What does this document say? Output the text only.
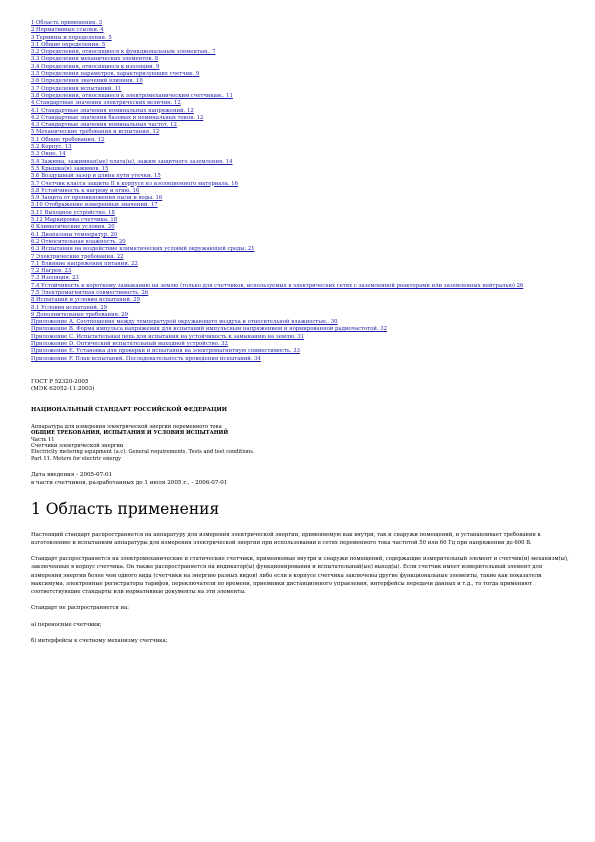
1 Область применения. 3
2 Нормативные ссылки. 4
3 Термины и определения. 5
3.1 Общие определения. 5
3.2 Определения, относящиеся к функциональным элементам.. 7
3.3 Определения механических элементов. 8
3.4 Определения, относящиеся к изоляции. 9
3.5 Определения параметров, характеризующих счетчик. 9
3.6 Определения значений влияния. 10
3.7 Определения испытаний. 11
3.8 Определения, относящиеся к электромеханическим счетчикам.. 11
4 Стандартные значения электрических величин. 12
4.1 Стандартные значения номинальных напряжений. 12
4.2 Стандартные значения базовых и номинальных токов. 12
4.3 Стандартные значения номинальных частот. 12
5 Механические требования и испытания. 12
5.1 Общие требования. 12
5.2 Корпус. 13
5.3 Окно. 14
5.4 Зажимы, зажимная(ые) плата(ы), зажим защитного заземления. 14
5.5 Крышка(и) зажимов. 15
5.6 Воздушный зазор и длина пути утечки. 15
5.7 Счетчик класса защиты II в корпусе из изоляционного материала. 16
5.8 Устойчивость к нагреву и огню. 16
5.9 Защита от проникновения пыли и воды. 16
5.10 Отображение измеренных значений. 17
5.11 Выходное устройство. 18
5.12 Маркировка счетчика. 18
6 Климатические условия. 20
6.1 Диапазоны температур. 20
6.2 Относительная влажность. 20
6.3 Испытания на воздействие климатических условий окружающей среды. 21
7 Электрические требования. 22
7.1 Влияние напряжения питания. 22
7.2 Нагрев. 23
7.3 Изоляция. 23
7.4 Устойчивость к короткому замыканию на землю (только для счетчиков, используемых в электрических сетях с заземленной реакторами или заземленных нейтралью) 26
7.5 Электромагнитная совместимость. 26
8 Испытания и условия испытаний. 29
8.1 Условия испытаний. 29
9 Дополнительные требования. 29
Приложение А. Соотношение между температурой окружающего воздуха и относительной влажностью.. 30
Приложение В. Форма импульса напряжения для испытаний импульсным напряжением и нормированной радиочастотой. 32
Приложение С. Испытательная цепь для испытания на устойчивость к замыканию на землю. 31
Приложение D. Оптический испытательный выходной устройство. 32
Приложение Е. Установка для проверки и испытания на электромагнитную совместимость. 33
Приложение F. План испытаний. Последовательность проведения испытаний. 34
ГОСТ Р 52320-2005
(МЭК 62052-11:2003)
НАЦИОНАЛЬНЫЙ СТАНДАРТ РОССИЙСКОЙ ФЕДЕРАЦИИ
Аппаратура для измерения электрической энергии переменного тока
ОБЩИЕ ТРЕБОВАНИЯ, ИСПЫТАНИЯ И УСЛОВИЯ ИСПЫТАНИЙ
Часть 11
Счетчики электрической энергии
Electricity metering equipment (a.c). General requirements, Tests and test conditions.
Part 11. Meters for electric energy
Дата введения - 2005-07-01
в части счетчиков, разработанных до 1 июля 2005 г., - 2006-07-01
1 Область применения

Настоящий стандарт распространяется на аппаратуру для измерения электрической энергии, применяемую как внутри, так и снаружи помещений, и устанавливает требования к изготовлению и испытаниям аппаратуры для измерения электрической энергии при использовании в сетях переменного тока частотой 50 или 60 Гц при напряжении до 600 В.

Стандарт распространяется на электромеханические и статические счетчики, применяемые внутри и снаружи помещений, содержащие измерительный элемент и счетчик(и) механизм(ы), заключенные в корпус счетчика. Он также распространяется на индикатор(ы) функционирования и испытательный(ые) выход(ы). Если счетчик имеет измерительный элемент для измерения энергии более чем одного вида (счетчики на энергию разных видов) либо если в корпусе счетчика заключены другие функциональные элементы, такие как показатели максимума, электронные регистраторы тарифов, переключатели по времени, приемники дистанционного управления, интерфейсы передачи данных и т.д., то тогда применяют соответствующие стандарты или нормативные документы на эти элементы.

Стандарт не распространяется на:

а) переносные счетчики;

б) интерфейсы к счетному механизму счетчика;
